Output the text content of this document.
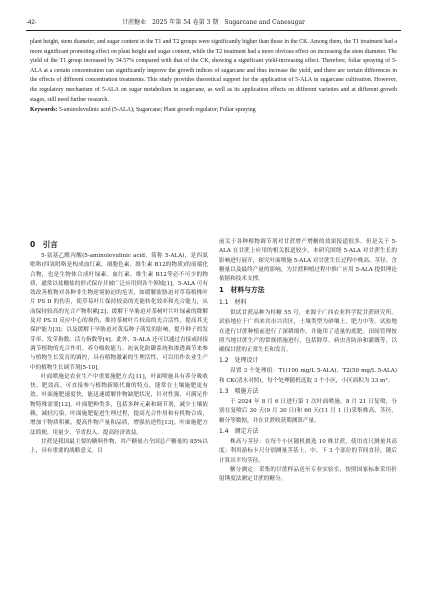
-42-	甘蔗糖业　2025 年第 54 卷第 3 期　Sugarcane and Canesugar

plant height, stem diameter, and sugar content in the T1 and T2 groups were significantly higher than those in the CK. Among them, the T1 treatment had a more significant promoting effect on plant height and sugar content, while the T2 treatment had a more obvious effect on increasing the stem diameter. The yield of the T1 group increased by 34.57% compared with that of the CK, showing a significant yield-increasing effect. Therefore, foliar spraying of 5-ALA at a certain concentration can significantly improve the growth indices of sugarcane and thus increase the yield, and there are certain differences in the effects of different concentration treatments. This study provides theoretical support for the application of 5-ALA in sugarcane cultivation. However, the regulatory mechanism of 5-ALA on sugar metabolism in sugarcane, as well as its application effects on different varieties and at different growth stages, still need further research.

Keywords: 5-aminolevulinic acid (5-ALA); Sugarcane; Plant growth regulator; Foliar spraying

0　引言

5-氨基乙酰丙酸(5-aminolevulinic acid，简称 5-ALA)，是四氮吡咯(四氢吡咯是构成血红素、细胞色素、维生素 B12的物质)的前端化合物，也是生物体合成叶绿素、血红素、维生素 B12等必不可少的物质，通常以盐酸盐的形式保存并被广泛应用到各个领域[1]。5-ALA 可有效改善植物对各种非生物逆境胁迫的危害，如缓解盐胁迫对草莓植株叶片 PS II 的伤害，使草莓叶片保持较高的光能转化效率和光合能力，从而保持较高的光合产物积累[2]；缓解干旱胁迫对茶树叶片叶绿素的降解及对 PS II 反应中心的损伤，维持茶树叶片较高的光合活性，提高其光保护能力[3]；以及缓解干旱胁迫对黄瓜种子萌发的影响，提升种子的发芽率、发芽指数、活力指数等[4]。此外，5-ALA 还可以通过直接或间接调节植物的光合作用、养分吸收能力、抗氧化防御系统和渗透调节来参与植物生长发育的调控，具有植物激素的生理活性，可以用作农业生产中的植物生长调节剂[5-10]。

叶面喷施是农业生产中重要施肥方式[11]，叶面喷施具有养分吸收快、肥效高、可直接参与植物新陈代谢的特点，能常在土壤施肥更有效。叶面施肥速度快，能迅速缓解作物缺肥状况，针对性强，可满足作物特殊需要[12]。叶面肥种类多，包括多种元素和调节剂，减少土壤依赖，减轻污染。叶面施肥促进生理过程，提高光合作用和有机物合成，增加干物质积累，提高作物产量和品质，增强抗逆性[13]。叶面施肥方法简便、用量少、节省投入、提高经济效益。

甘蔗是我国最主要的糖料作物，其产糖量占全国总产糖量的 85%以上，具有重要的战略意义。目

前关于各种植物调节剂对甘蔗增产增糖的效果报道很多，但是关于 5-ALA 在甘蔗上应用的相关报道较少。本研究围绕 5-ALA 对甘蔗生长的影响进行展开，探究叶面喷施 5-ALA 对甘蔗生长过程中株高、茎径、含糖量以及最终产量的影响，为甘蔗种植过程中推广应用 5-ALA 提供理论依据和技术支撑。

1　材料与方法
1.1　材料

供试甘蔗品种为桂糖 55 号，来源于广西农业科学院甘蔗研究所。试验地位于广西来宾市兴宾区，土壤类型为砂壤土，肥力中等。试验地在进行甘蔗种植前进行了深耕细作，并施用了适量的底肥。田间管理按照当地甘蔗生产的常规措施进行，包括除草、病虫害防治和灌溉等，以确保甘蔗的正常生长和发育。

1.2　处理设计

设置 3 个处理组：T1(100 mg/L 5-ALA)、T2(50 mg/L 5-ALA)和 CK(清水对照)，每个处理随机选取 3 个小区，小区面积为 33 m²。

1.3　喷施方法

于 2024 年 8 月 6 日进行第 1 次叶面喷施，8 月 21 日复喷，分别在复喷后 30 天(9 月 30 日)和 60 天(11 月 1 日)采集株高、茎径、糖分等数据，并在甘蔗收获期测算产量。

1.4　测定方法

株高与茎径：在每个小区随机挑选 10 株甘蔗，使用直尺测量其高度；利用游标卡尺分别测量茎基上、中、下 3 个部位的节间直径，随后计算出平均茎径。

糖分测定：采集的甘蔗样品送至专业实验室，按照国家标准采用折射锤度法测定甘蔗的糖分。
